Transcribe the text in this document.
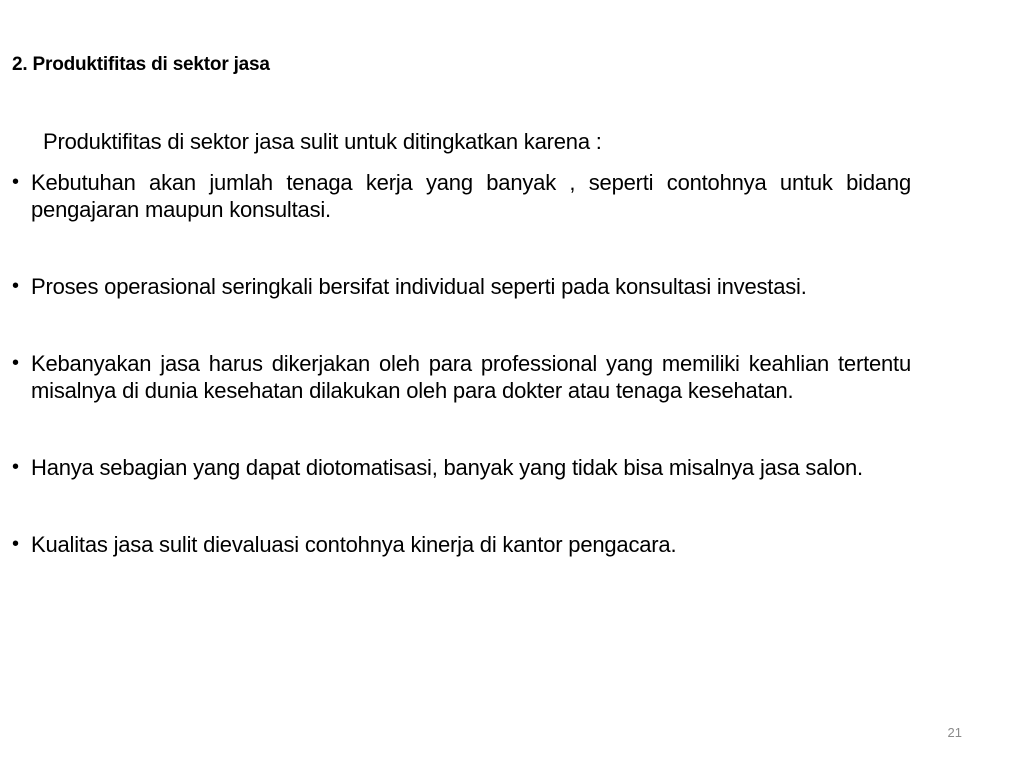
2. Produktifitas di sektor jasa
Produktifitas di sektor jasa sulit untuk ditingkatkan karena :
• Kebutuhan akan jumlah tenaga kerja yang banyak , seperti contohnya untuk bidang pengajaran maupun konsultasi.
• Proses operasional seringkali bersifat individual seperti pada konsultasi investasi.
• Kebanyakan jasa harus dikerjakan oleh para professional yang memiliki keahlian tertentu misalnya di dunia kesehatan dilakukan oleh para dokter atau tenaga kesehatan.
• Hanya sebagian yang dapat diotomatisasi, banyak yang tidak bisa misalnya jasa salon.
• Kualitas jasa sulit dievaluasi contohnya kinerja di kantor pengacara.
21
